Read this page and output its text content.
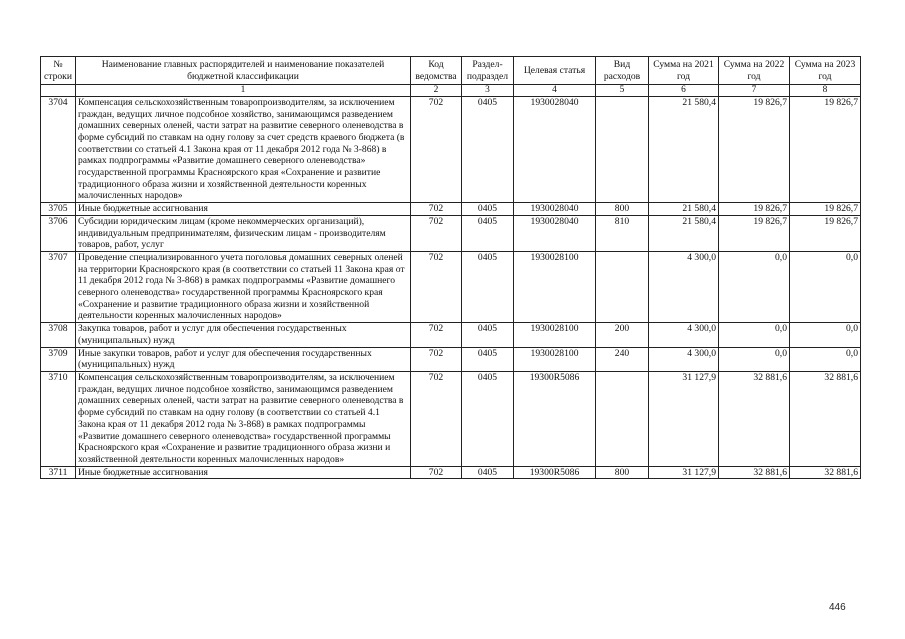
№ строки	Наименование главных распорядителей и наименование показателей бюджетной классификации	Код ведомства	Раздел-подраздел	Целевая статья	Вид расходов	Сумма на 2021 год	Сумма на 2022 год	Сумма на 2023 год
	1	2	3	4	5	6	7	8
3704	Компенсация сельскохозяйственным товаропроизводителям, за исключением граждан, ведущих личное подсобное хозяйство, занимающимся разведением домашних северных оленей, части затрат на развитие северного оленеводства в форме субсидий по ставкам на одну голову за счет средств краевого бюджета (в соответствии со статьей 4.1 Закона края от 11 декабря 2012 года № 3-868) в рамках подпрограммы «Развитие домашнего северного оленеводства» государственной программы Красноярского края «Сохранение и развитие традиционного образа жизни и хозяйственной деятельности коренных малочисленных народов»	702	0405	1930028040		21 580,4	19 826,7	19 826,7
3705	Иные бюджетные ассигнования	702	0405	1930028040	800	21 580,4	19 826,7	19 826,7
3706	Субсидии юридическим лицам (кроме некоммерческих организаций), индивидуальным предпринимателям, физическим лицам - производителям товаров, работ, услуг	702	0405	1930028040	810	21 580,4	19 826,7	19 826,7
3707	Проведение специализированного учета поголовья домашних северных оленей на территории Красноярского края (в соответствии со статьей 11 Закона края от 11 декабря 2012 года № 3-868) в рамках подпрограммы «Развитие домашнего северного оленеводства» государственной программы Красноярского края «Сохранение и развитие традиционного образа жизни и хозяйственной деятельности коренных малочисленных народов»	702	0405	1930028100		4 300,0	0,0	0,0
3708	Закупка товаров, работ и услуг для обеспечения государственных (муниципальных) нужд	702	0405	1930028100	200	4 300,0	0,0	0,0
3709	Иные закупки товаров, работ и услуг для обеспечения государственных (муниципальных) нужд	702	0405	1930028100	240	4 300,0	0,0	0,0
3710	Компенсация сельскохозяйственным товаропроизводителям, за исключением граждан, ведущих личное подсобное хозяйство, занимающимся разведением домашних северных оленей, части затрат на развитие северного оленеводства в форме субсидий по ставкам на одну голову (в соответствии со статьей 4.1 Закона края от 11 декабря 2012 года № 3-868) в рамках подпрограммы «Развитие домашнего северного оленеводства» государственной программы Красноярского края «Сохранение и развитие традиционного образа жизни и хозяйственной деятельности коренных малочисленных народов»	702	0405	19300R5086		31 127,9	32 881,6	32 881,6
3711	Иные бюджетные ассигнования	702	0405	19300R5086	800	31 127,9	32 881,6	32 881,6
446
